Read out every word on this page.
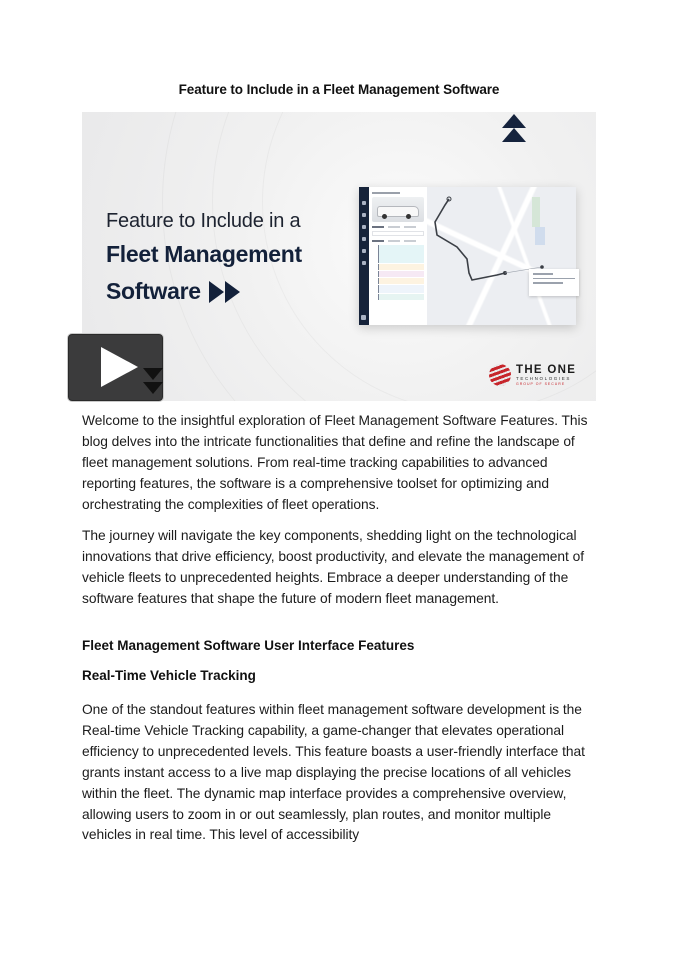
Feature to Include in a Fleet Management Software
Feature to Include in a
Fleet Management
Software
THE ONE
TECHNOLOGIES
GROUP OF SECURE

Welcome to the insightful exploration of Fleet Management Software Features. This blog delves into the intricate functionalities that define and refine the landscape of fleet management solutions. From real-time tracking capabilities to advanced reporting features, the software is a comprehensive toolset for optimizing and orchestrating the complexities of fleet operations.

The journey will navigate the key components, shedding light on the technological innovations that drive efficiency, boost productivity, and elevate the management of vehicle fleets to unprecedented heights. Embrace a deeper understanding of the software features that shape the future of modern fleet management.

Fleet Management Software User Interface Features
Real-Time Vehicle Tracking

One of the standout features within fleet management software development is the Real-time Vehicle Tracking capability, a game-changer that elevates operational efficiency to unprecedented levels. This feature boasts a user-friendly interface that grants instant access to a live map displaying the precise locations of all vehicles within the fleet. The dynamic map interface provides a comprehensive overview, allowing users to zoom in or out seamlessly, plan routes, and monitor multiple vehicles in real time. This level of accessibility
